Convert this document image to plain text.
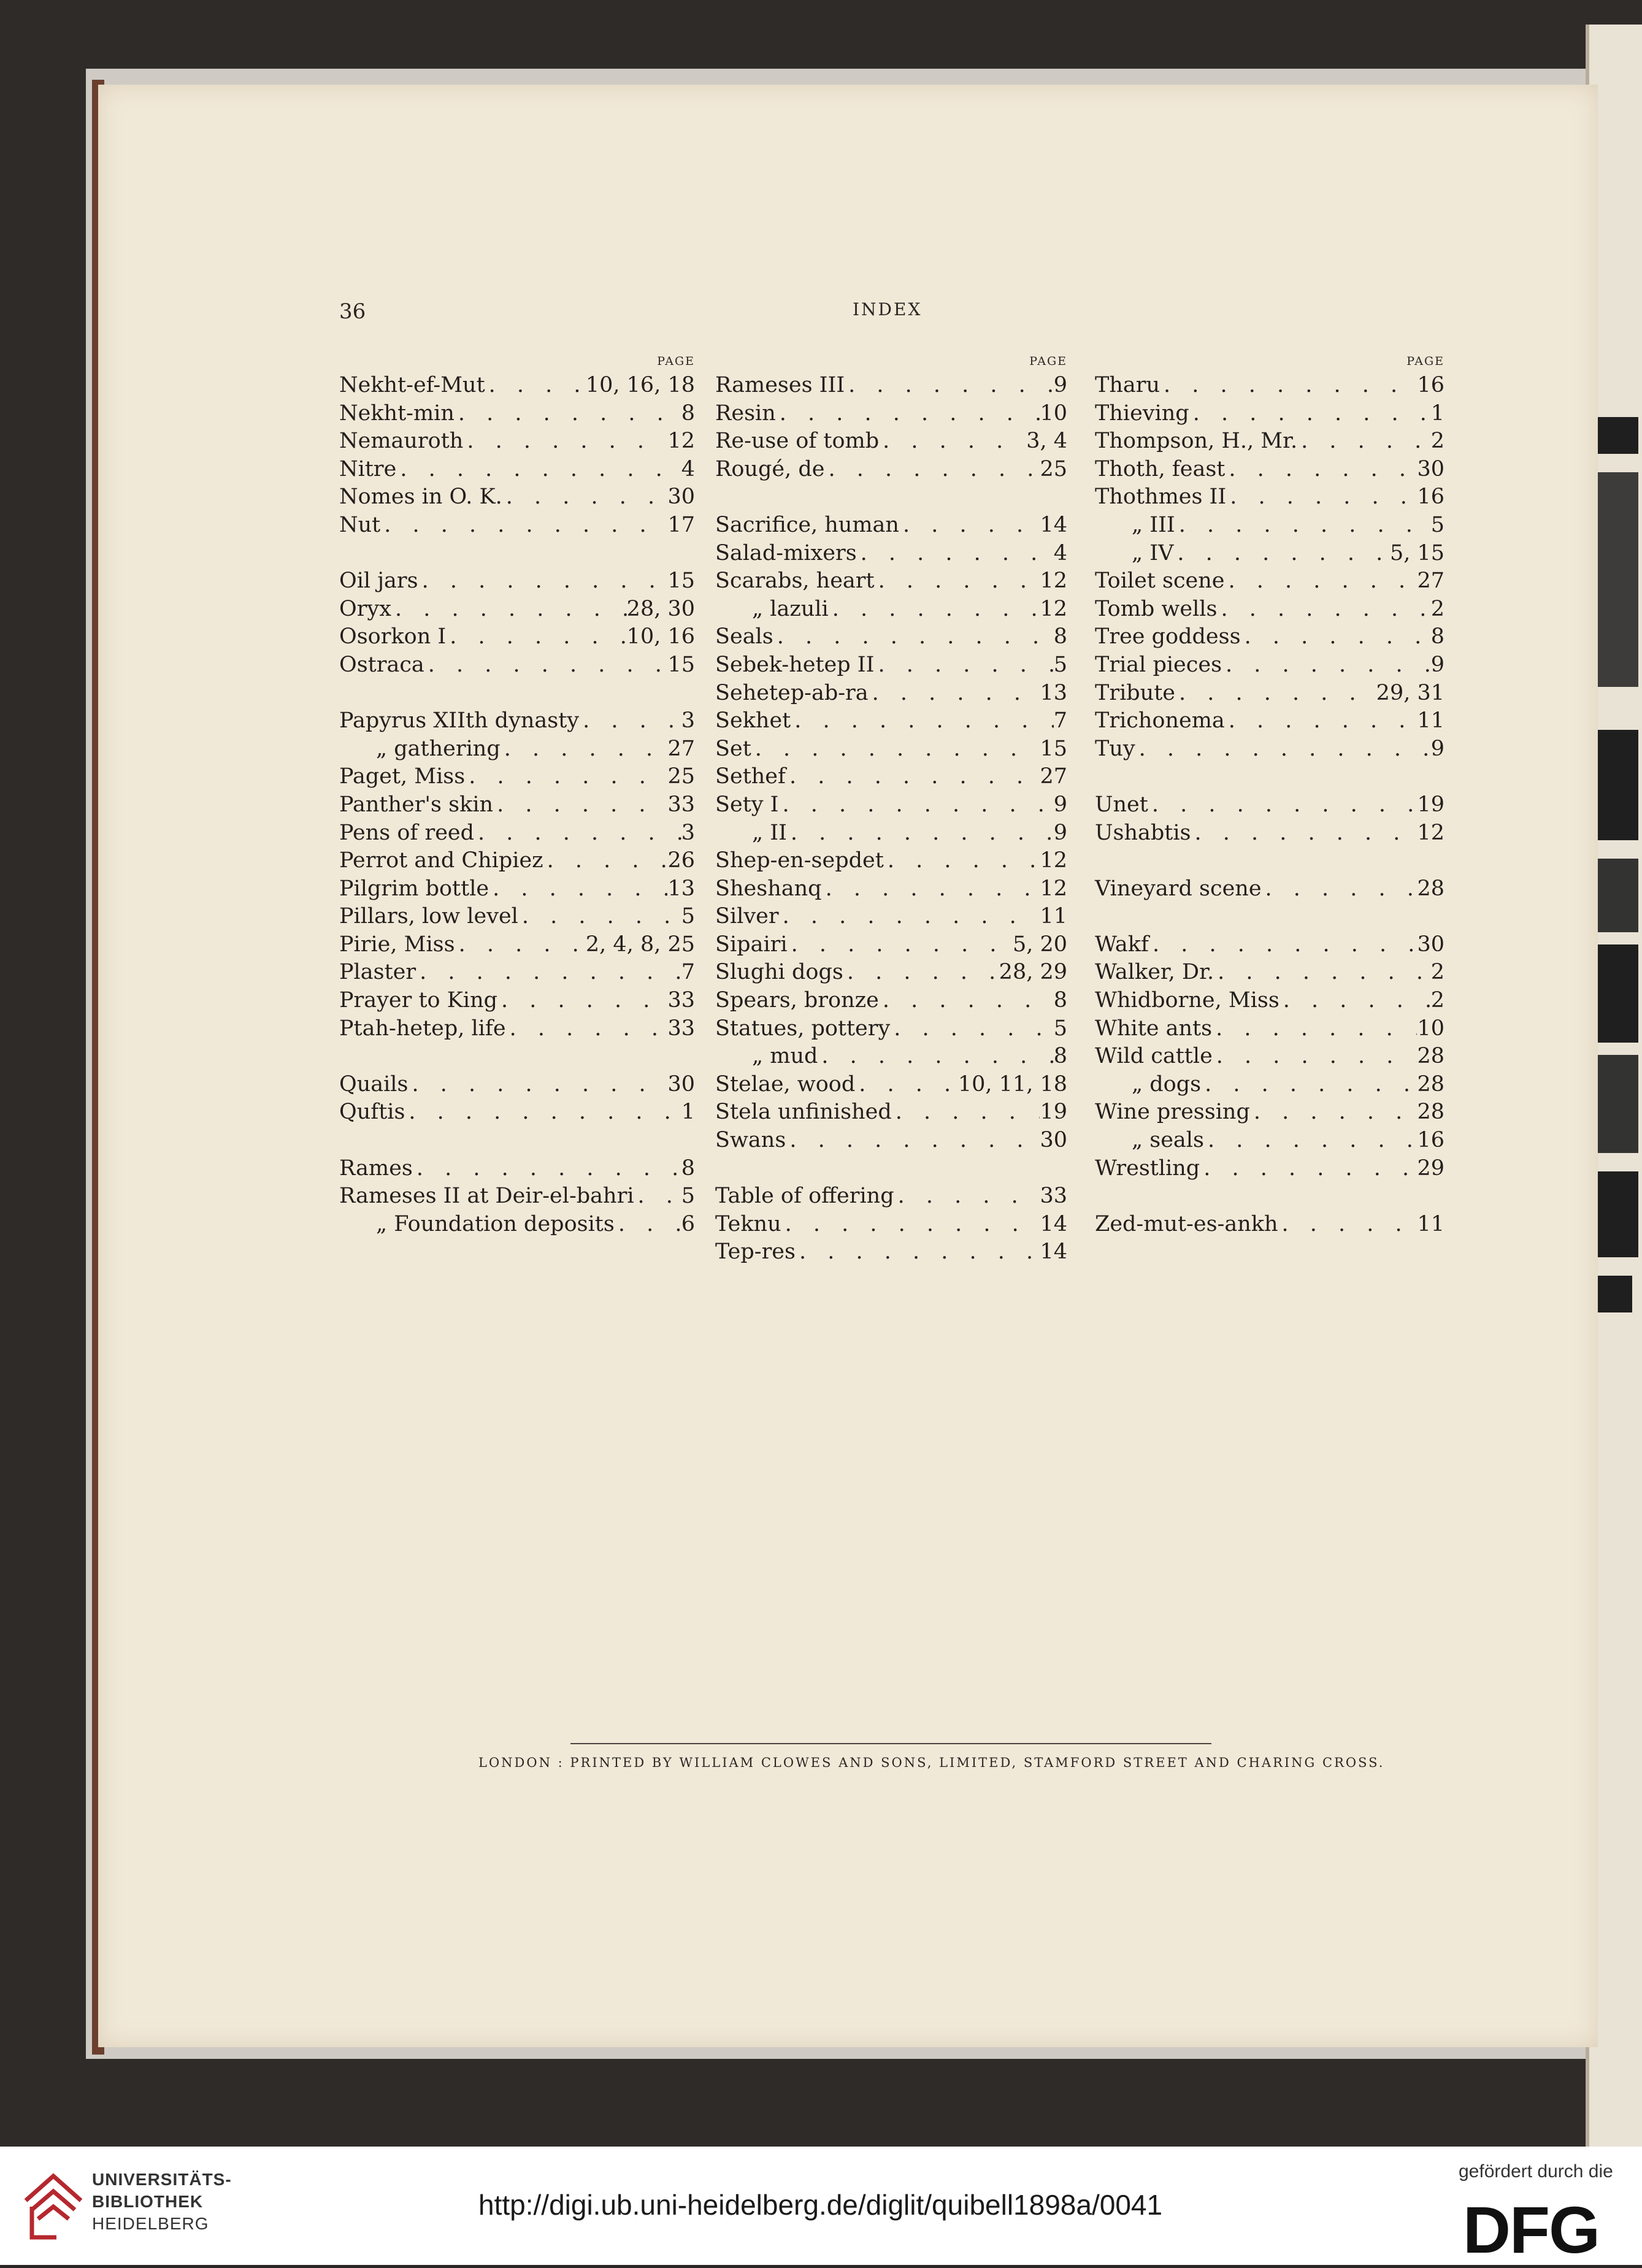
36	INDEX
PAGE
Nekht-ef-Mut . . .	10, 16, 18
Nekht-min . . .	8
Nemauroth . . .	12
Nitre . . .	4
Nomes in O. K. . . .	30
Nut . . .	17
Oil jars . . .	15
Oryx . . .	28, 30
Osorkon I . . .	10, 16
Ostraca . . .	15
Papyrus XIIth dynasty . . .	3
„ gathering . . .	27
Paget, Miss . . .	25
Panther's skin . . .	33
Pens of reed . . .	3
Perrot and Chipiez . . .	26
Pilgrim bottle . . .	13
Pillars, low level . . .	5
Pirie, Miss . . .	2, 4, 8, 25
Plaster . . .	7
Prayer to King . . .	33
Ptah-hetep, life . . .	33
Quails . . .	30
Quftis . . .	1
Rames . . .	8
Rameses II at Deir-el-bahri . . . 5
„ Foundation deposits . . .	6
PAGE
Rameses III . . .	9
Resin . . .	10
Re-use of tomb . . .	3, 4
Rougé, de . . .	25
Sacrifice, human . . .	14
Salad-mixers . . .	4
Scarabs, heart . . .	12
„ lazuli . . .	12
Seals . . .	8
Sebek-hetep II . . .	5
Sehetep-ab-ra . . .	13
Sekhet . . .	7
Set . . .	15
Sethef . . .	27
Sety I . . .	9
„ II . . .	9
Shep-en-sepdet . . .	12
Sheshanq . . .	12
Silver . . .	11
Sipairi . . .	5, 20
Slughi dogs . . .	28, 29
Spears, bronze . . .	8
Statues, pottery . . .	5
„ mud . . .	8
Stelae, wood . . .	10, 11, 18
Stela unfinished . . .	19
Swans . . .	30
Table of offering . . .	33
Teknu . . .	14
Tep-res . . .	14
PAGE
Tharu . . .	16
Thieving . . .	1
Thompson, H., Mr. . . .	2
Thoth, feast . . .	30
Thothmes II . . .	16
„ III . . .	5
„ IV . . .	5, 15
Toilet scene . . .	27
Tomb wells . . .	2
Tree goddess . . .	8
Trial pieces . . .	9
Tribute . . .	29, 31
Trichonema . . .	11
Tuy . . .	9
Unet . . .	19
Ushabtis . . .	12
Vineyard scene . . .	28
Wakf . . .	30
Walker, Dr. . . .	2
Whidborne, Miss . . .	2
White ants . . .	10
Wild cattle . . .	28
„ dogs . . .	28
Wine pressing . . .	28
„ seals . . .	16
Wrestling . . .	29
Zed-mut-es-ankh . . .	11
LONDON : PRINTED BY WILLIAM CLOWES AND SONS, LIMITED, STAMFORD STREET AND CHARING CROSS.
UNIVERSITÄTS-
BIBLIOTHEK
HEIDELBERG
http://digi.ub.uni-heidelberg.de/diglit/quibell1898a/0041
gefördert durch die
DFG
